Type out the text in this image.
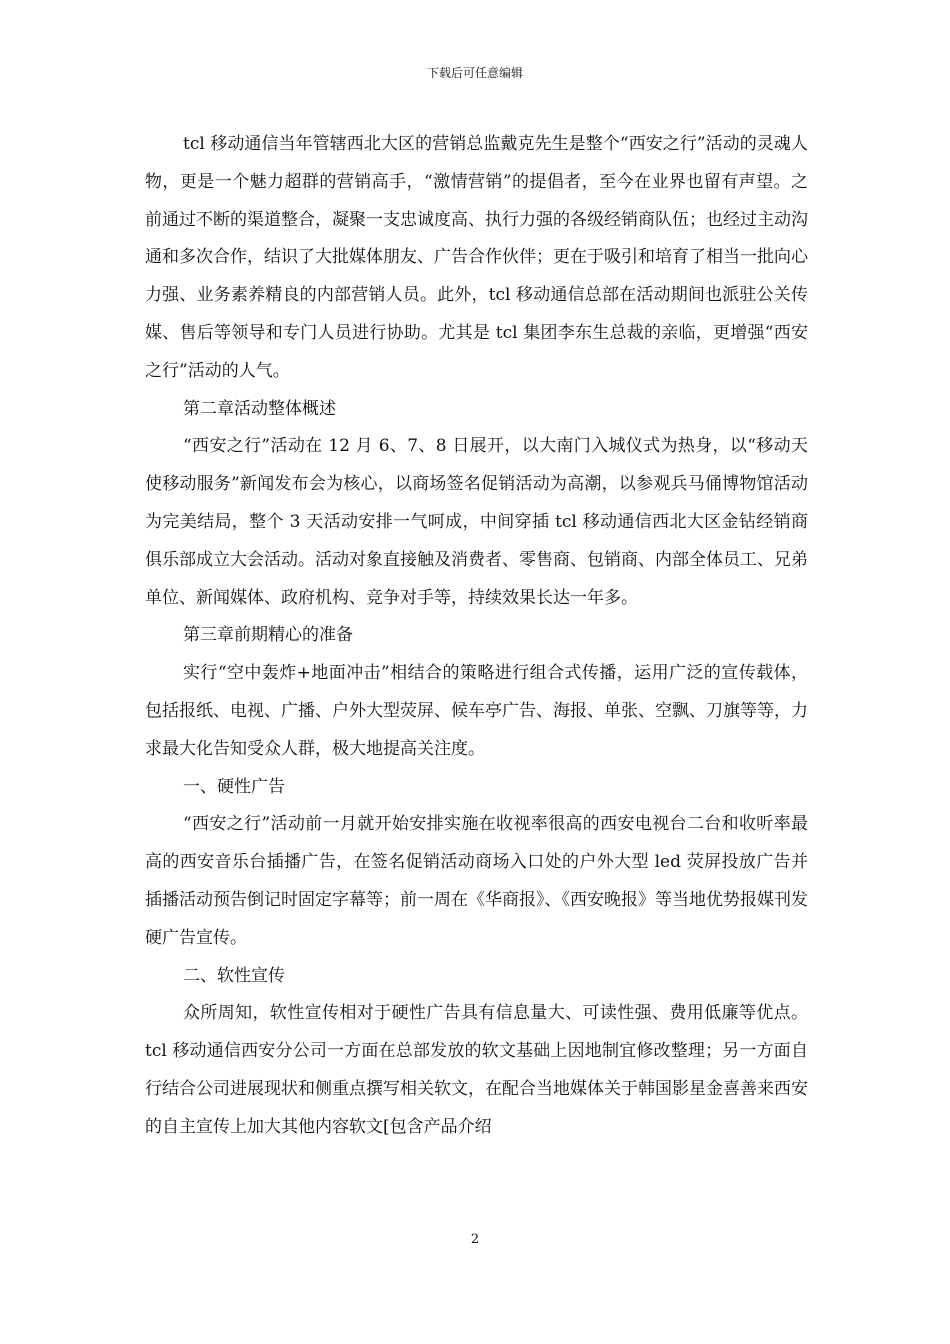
下载后可任意编辑

tcl 移动通信当年管辖西北大区的营销总监戴克先生是整个“西安之行”活动的灵魂人物，更是一个魅力超群的营销高手，“激情营销”的提倡者，至今在业界也留有声望。之前通过不断的渠道整合，凝聚一支忠诚度高、执行力强的各级经销商队伍；也经过主动沟通和多次合作，结识了大批媒体朋友、广告合作伙伴；更在于吸引和培育了相当一批向心力强、业务素养精良的内部营销人员。此外，tcl 移动通信总部在活动期间也派驻公关传媒、售后等领导和专门人员进行协助。尤其是 tcl 集团李东生总裁的亲临，更增强“西安之行”活动的人气。

第二章活动整体概述

“西安之行”活动在 12 月 6、7、8 日展开，以大南门入城仪式为热身，以“移动天使移动服务”新闻发布会为核心，以商场签名促销活动为高潮，以参观兵马俑博物馆活动为完美结局，整个 3 天活动安排一气呵成，中间穿插 tcl 移动通信西北大区金钻经销商俱乐部成立大会活动。活动对象直接触及消费者、零售商、包销商、内部全体员工、兄弟单位、新闻媒体、政府机构、竞争对手等，持续效果长达一年多。

第三章前期精心的准备

实行“空中轰炸+地面冲击”相结合的策略进行组合式传播，运用广泛的宣传载体，包括报纸、电视、广播、户外大型荧屏、候车亭广告、海报、单张、空飘、刀旗等等，力求最大化告知受众人群，极大地提高关注度。

一、硬性广告

“西安之行”活动前一月就开始安排实施在收视率很高的西安电视台二台和收听率最高的西安音乐台插播广告，在签名促销活动商场入口处的户外大型 led 荧屏投放广告并插播活动预告倒记时固定字幕等；前一周在《华商报》、《西安晚报》等当地优势报媒刊发硬广告宣传。

二、软性宣传

众所周知，软性宣传相对于硬性广告具有信息量大、可读性强、费用低廉等优点。tcl 移动通信西安分公司一方面在总部发放的软文基础上因地制宜修改整理；另一方面自行结合公司进展现状和侧重点撰写相关软文，在配合当地媒体关于韩国影星金喜善来西安的自主宣传上加大其他内容软文[包含产品介绍

2
